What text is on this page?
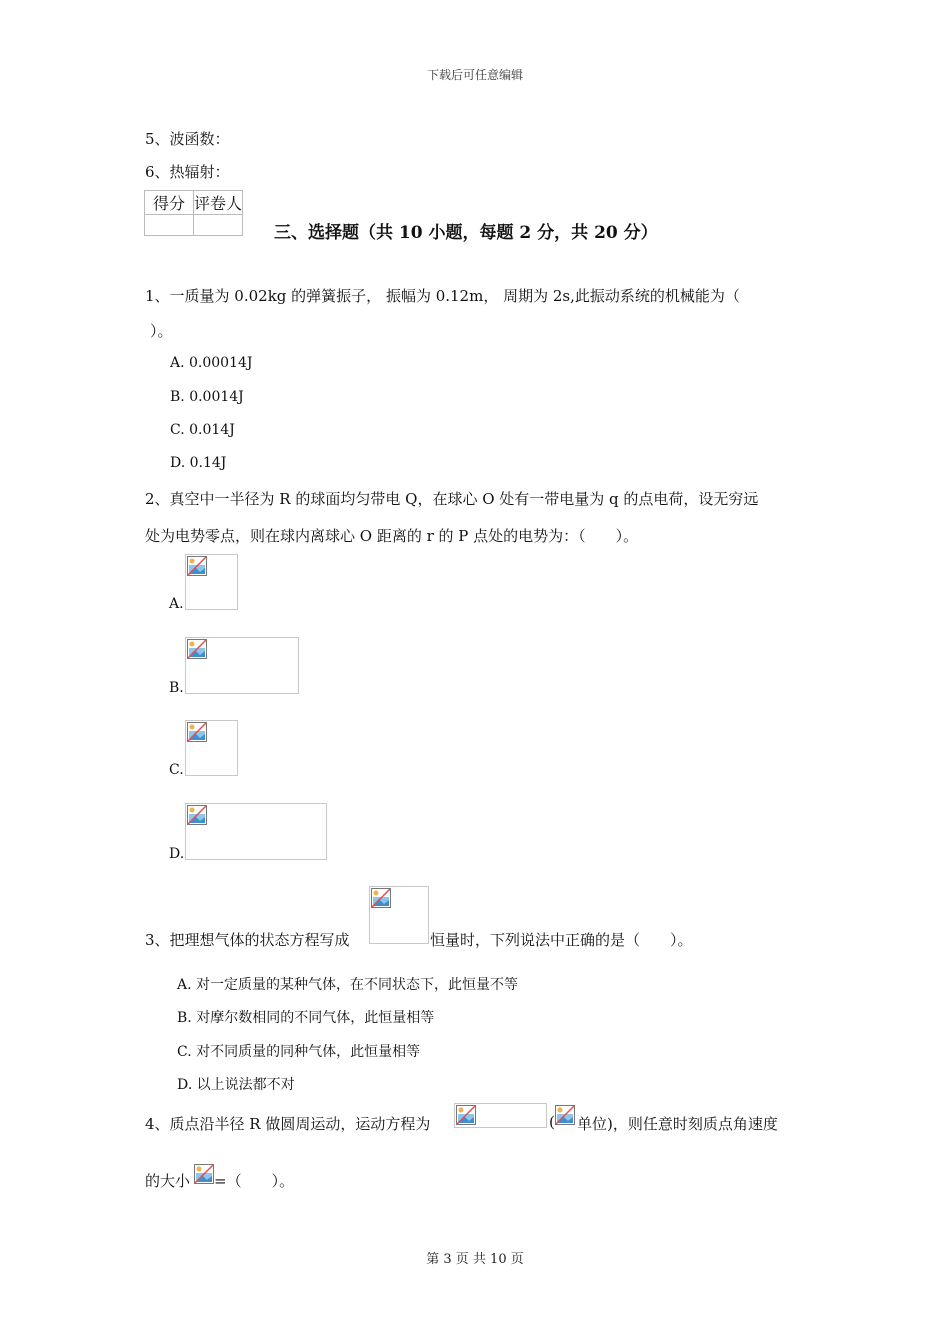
下载后可任意编辑
5、波函数：
6、热辐射：
得分	评卷人

三、选择题（共 10 小题，每题 2 分，共 20 分）
1、一质量为 0.02kg 的弹簧振子， 振幅为 0.12m， 周期为 2s,此振动系统的机械能为（
）。
A. 0.00014J
B. 0.0014J
C. 0.014J
D. 0.14J
2、真空中一半径为 R 的球面均匀带电 Q，在球心 O 处有一带电量为 q 的点电荷，设无穷远
处为电势零点，则在球内离球心 O 距离的 r 的 P 点处的电势为：（　　）。
A.
B.
C.
D.
3、把理想气体的状态方程写成	恒量时，下列说法中正确的是（　　）。
A. 对一定质量的某种气体，在不同状态下，此恒量不等
B. 对摩尔数相同的不同气体，此恒量相等
C. 对不同质量的同种气体，此恒量相等
D. 以上说法都不对
4、质点沿半径 R 做圆周运动，运动方程为	( 单位)，则任意时刻质点角速度
的大小 =（　　）。
第 3 页 共 10 页
